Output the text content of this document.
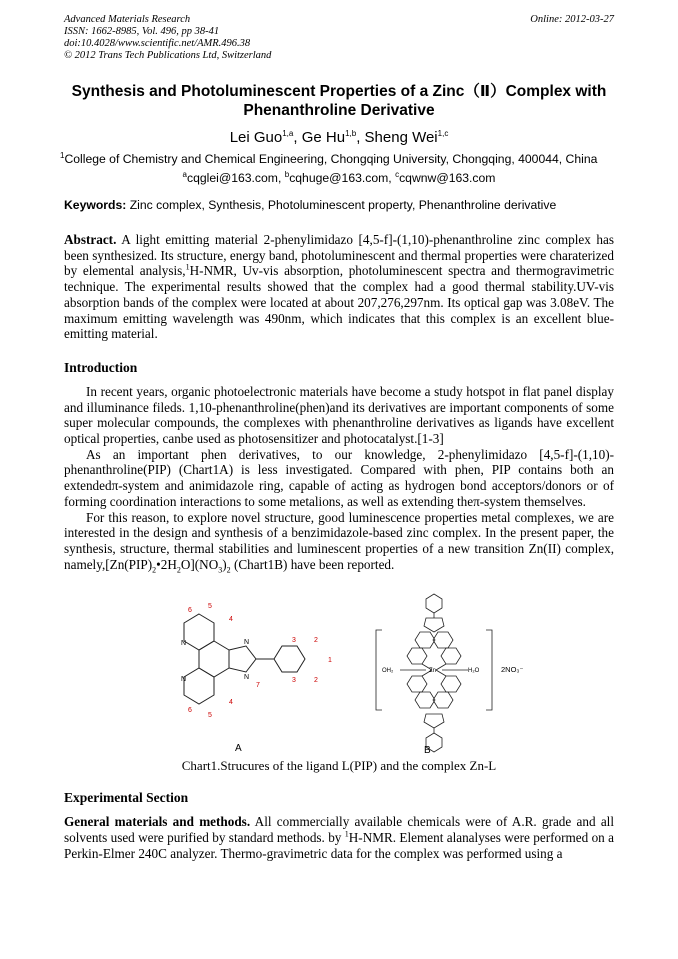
Advanced Materials Research
ISSN: 1662-8985, Vol. 496, pp 38-41
doi:10.4028/www.scientific.net/AMR.496.38
© 2012 Trans Tech Publications Ltd, Switzerland
Online: 2012-03-27
Synthesis and Photoluminescent Properties of a Zinc（Ⅱ）Complex with Phenanthroline Derivative
Lei Guo$^{1,a}$, Ge Hu$^{1,b}$, Sheng Wei$^{1,c}$
$^1$College of Chemistry and Chemical Engineering, Chongqing University, Chongqing, 400044, China
$^a$cqglei@163.com, $^b$cqhuge@163.com, $^c$cqwnw@163.com
Keywords: Zinc complex, Synthesis, Photoluminescent property, Phenanthroline derivative

Abstract. A light emitting material 2-phenylimidazo [4,5-f]-(1,10)-phenanthroline zinc complex has been synthesized. Its structure, energy band, photoluminescent and thermal properties were charaterized by elemental analysis,$^1$H-NMR, Uv-vis absorption, photoluminescent spectra and thermogravimetric technique. The experimental results showed that the complex had a good thermal stability.UV-vis absorption bands of the complex were located at about 207,276,297nm. Its optical gap was 3.08eV. The maximum emitting wavelength was 490nm, which indicates that this complex is an excellent blue-emitting material.

Introduction

In recent years, organic photoelectronic materials have become a study hotspot in flat panel display and illuminance fileds. 1,10-phenanthroline(phen)and its derivatives are important components of some super molecular compounds, the complexes with phenanthroline derivatives as ligands have excellent optical properties, canbe used as photosensitizer and photocatalyst.[1-3]

As an important phen derivatives, to our knowledge, 2-phenylimidazo [4,5-f]-(1,10)-phenanthroline(PIP) (Chart1A) is less investigated. Compared with phen, PIP contains both an extendedπ-system and animidazole ring, capable of acting as hydrogen bond acceptors/donors or of forming coordination interactions to some metalions, as well as extending theπ-system themselves.

For this reason, to explore novel structure, good luminescence properties metal complexes, we are interested in the design and synthesis of a benzimidazole-based zinc complex. In the present paper, the synthesis, structure, thermal stabilities and luminescent properties of a new transition Zn(II) complex, $namely,[Zn(PIP)_2•2H_2O](NO_3)_2$ (Chart1B) have been reported.

6
5
4
3	2
1
3	2
7
6
5
4
N
N
N
N
A
Zn
OH₂	H₂O	2NO₃⁻
B
Chart1.Strucures of the ligand L(PIP) and the complex Zn-L
Experimental Section

General materials and methods. All commercially available chemicals were of A.R. grade and all solvents used were purified by standard methods. by $^1$H-NMR. Element alanalyses were performed on a Perkin-Elmer 240C analyzer. Thermo-gravimetric data for the complex was performed using a
